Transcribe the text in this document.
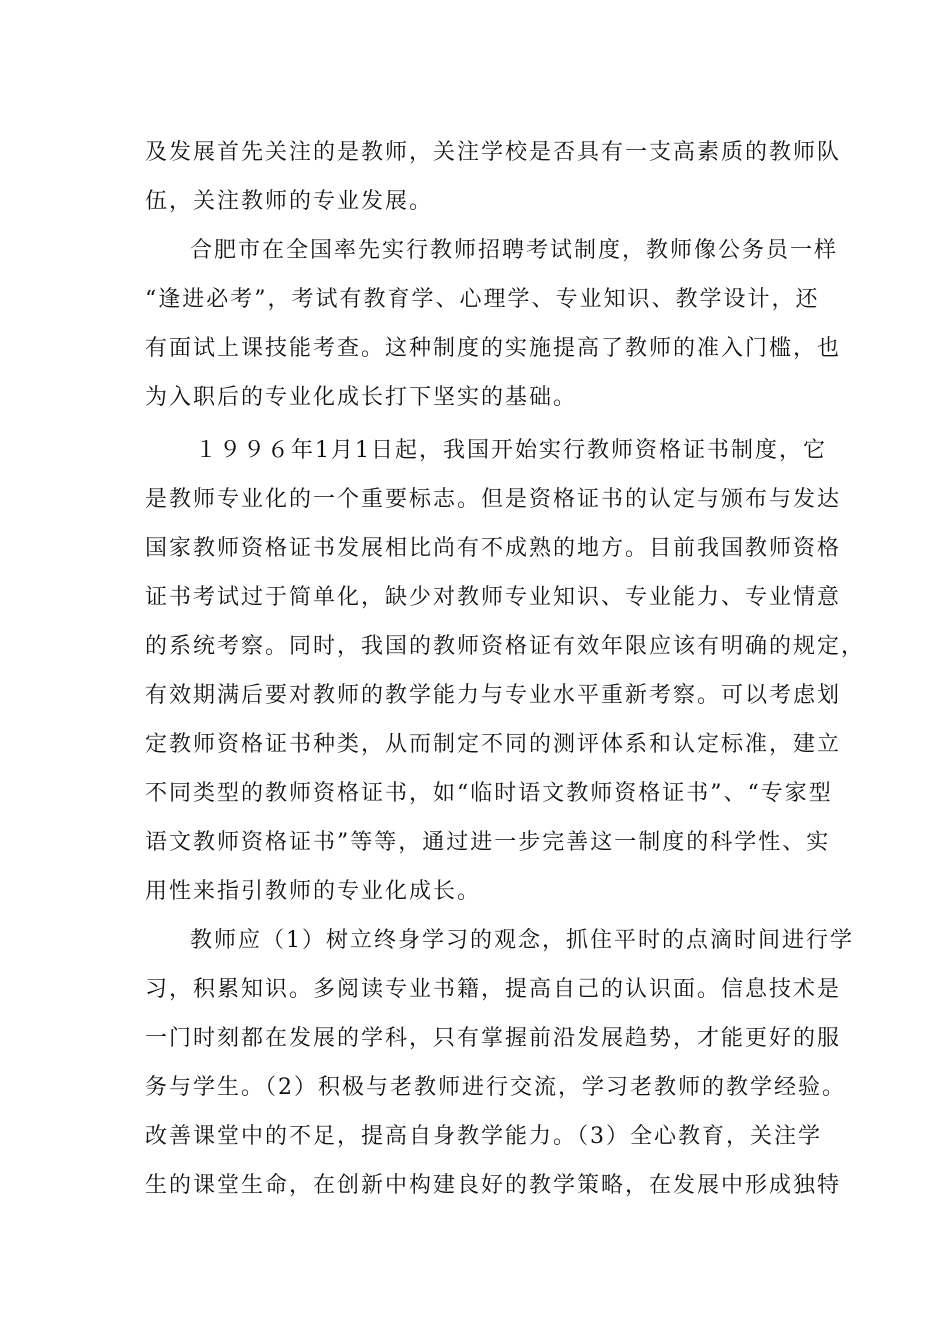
及发展首先关注的是教师，关注学校是否具有一支高素质的教师队
伍，关注教师的专业发展。
合肥市在全国率先实行教师招聘考试制度，教师像公务员一样
“逢进必考”，考试有教育学、心理学、专业知识、教学设计，还
有面试上课技能考查。这种制度的实施提高了教师的准入门槛，也
为入职后的专业化成长打下坚实的基础。
１９９６年1月1日起，我国开始实行教师资格证书制度，它
是教师专业化的一个重要标志。但是资格证书的认定与颁布与发达
国家教师资格证书发展相比尚有不成熟的地方。目前我国教师资格
证书考试过于简单化，缺少对教师专业知识、专业能力、专业情意
的系统考察。同时，我国的教师资格证有效年限应该有明确的规定，
有效期满后要对教师的教学能力与专业水平重新考察。可以考虑划
定教师资格证书种类，从而制定不同的测评体系和认定标准，建立
不同类型的教师资格证书，如“临时语文教师资格证书”、“专家型
语文教师资格证书”等等，通过进一步完善这一制度的科学性、实
用性来指引教师的专业化成长。
教师应（1）树立终身学习的观念，抓住平时的点滴时间进行学
习，积累知识。多阅读专业书籍，提高自己的认识面。信息技术是
一门时刻都在发展的学科，只有掌握前沿发展趋势，才能更好的服
务与学生。（2）积极与老教师进行交流，学习老教师的教学经验。
改善课堂中的不足，提高自身教学能力。（3）全心教育，关注学
生的课堂生命，在创新中构建良好的教学策略，在发展中形成独特
